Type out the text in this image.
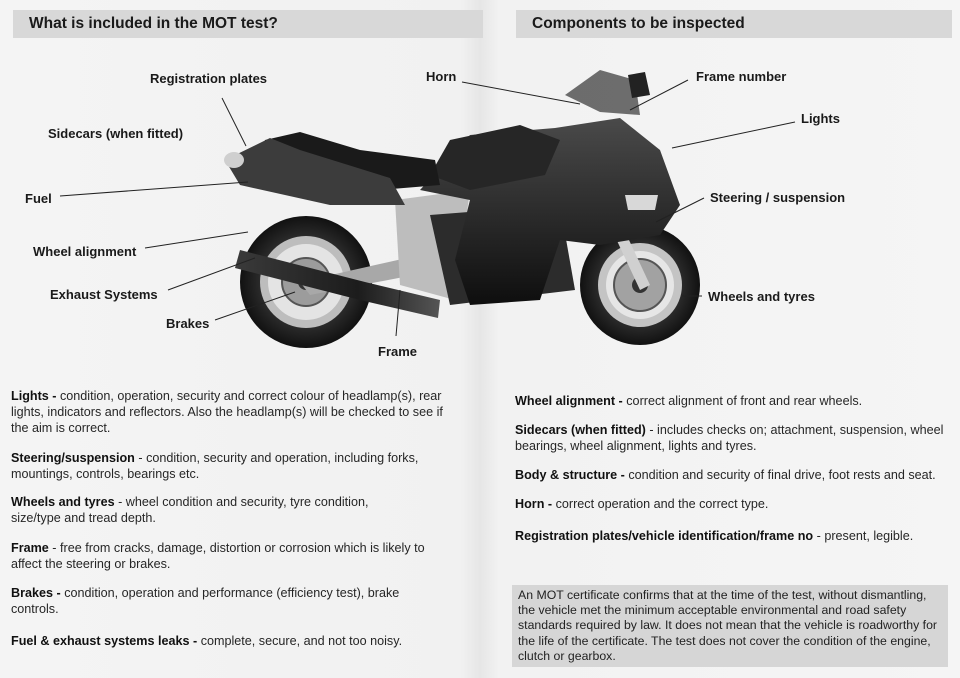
What is included in the MOT test?	Components to be inspected
Registration plates
Sidecars (when fitted)
Fuel
Wheel alignment
Exhaust Systems
Brakes
Frame
Horn	Frame number
Lights
Steering / suspension
Wheels and tyres
Lights - condition, operation, security and correct colour of headlamp(s), rear lights, indicators and reflectors. Also the headlamp(s) will be checked to see if the aim is correct.
Steering/suspension - condition, security and operation, including forks, mountings, controls, bearings etc.
Wheels and tyres - wheel condition and security, tyre condition, size/type and tread depth.
Frame - free from cracks, damage, distortion or corrosion which is likely to affect the steering or brakes.
Brakes - condition, operation and performance (efficiency test), brake controls.
Fuel & exhaust systems leaks - complete, secure, and not too noisy.
Wheel alignment - correct alignment of front and rear wheels.
Sidecars (when fitted) - includes checks on; attachment, suspension, wheel bearings, wheel alignment, lights and tyres.
Body & structure - condition and security of final drive, foot rests and seat.
Horn - correct operation and the correct type.
Registration plates/vehicle identification/frame no - present, legible.

An MOT certificate confirms that at the time of the test, without dismantling, the vehicle met the minimum acceptable environmental and road safety standards required by law. It does not mean that the vehicle is roadworthy for the life of the certificate. The test does not cover the condition of the engine, clutch or gearbox.
